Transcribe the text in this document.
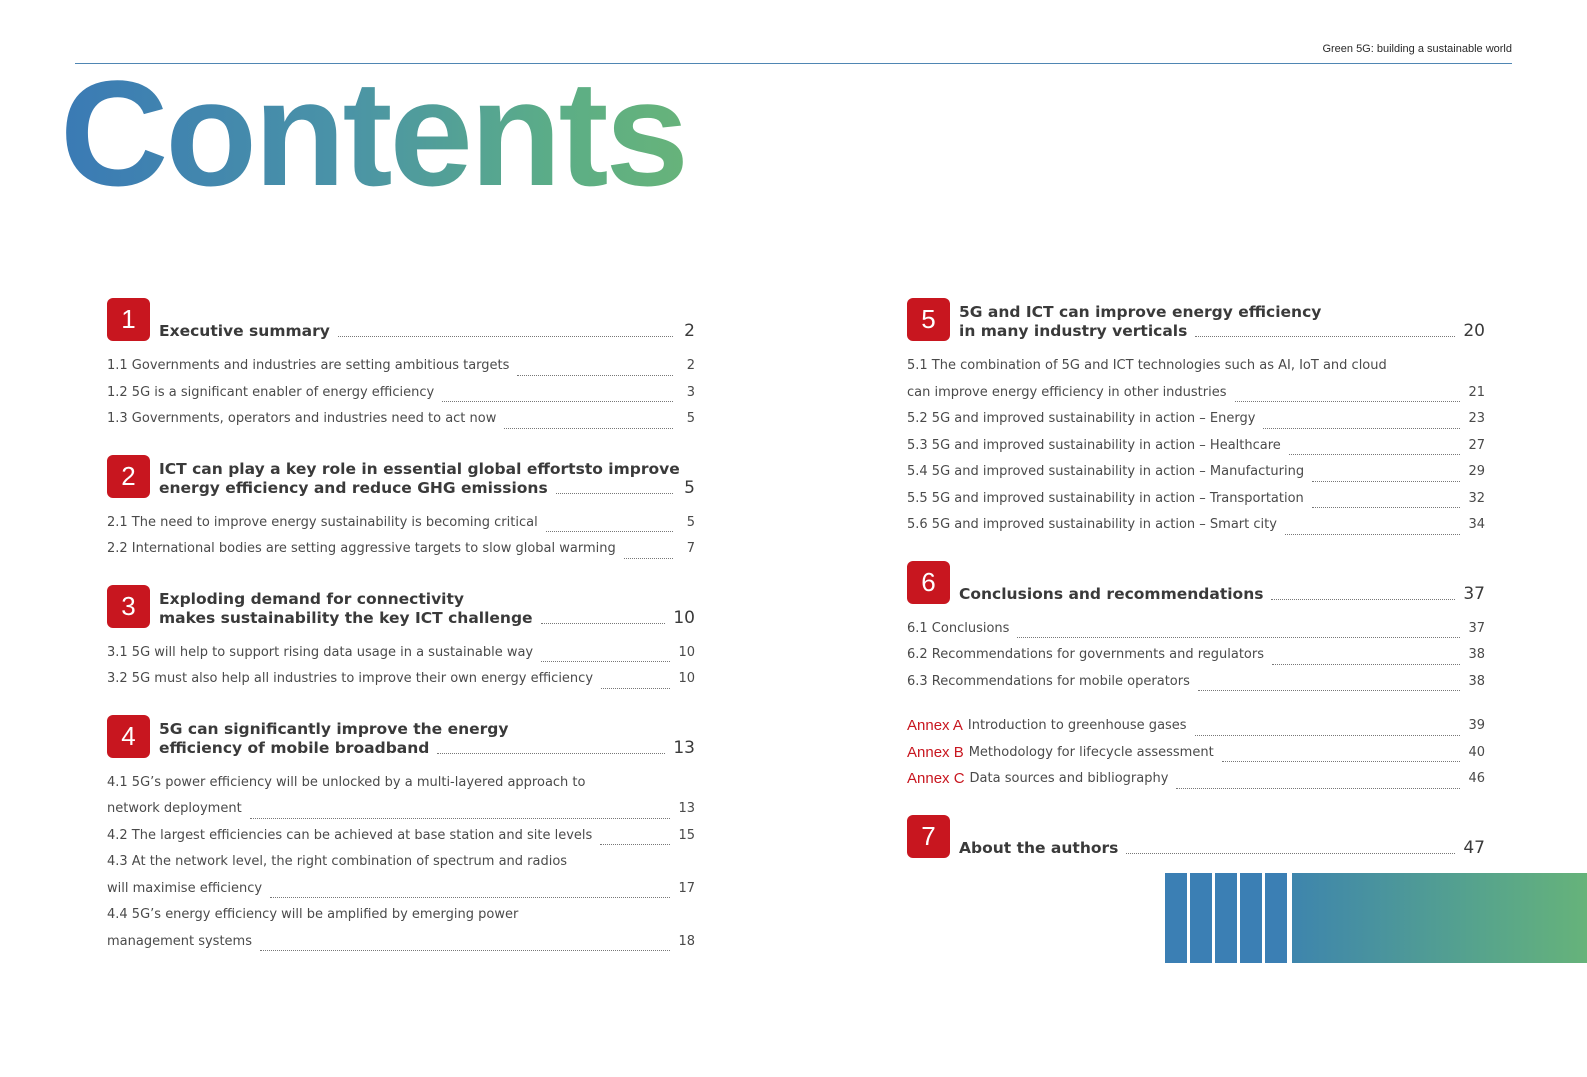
Green 5G: building a sustainable world
Contents
1	Executive summary	2
1.1 Governments and industries are setting ambitious targets	2
1.2 5G is a significant enabler of energy efficiency	3
1.3 Governments, operators and industries need to act now	5
2	ICT can play a key role in essential global effortsto improve
energy efficiency and reduce GHG emissions	5
2.1 The need to improve energy sustainability is becoming critical	5
2.2 International bodies are setting aggressive targets to slow global warming	7
3	Exploding demand for connectivity
makes sustainability the key ICT challenge	10
3.1 5G will help to support rising data usage in a sustainable way	10
3.2 5G must also help all industries to improve their own energy efficiency	10
4	5G can significantly improve the energy
efficiency of mobile broadband	13
4.1 5G’s power efficiency will be unlocked by a multi-layered approach to
network deployment	13
4.2 The largest efficiencies can be achieved at base station and site levels	15
4.3 At the network level, the right combination of spectrum and radios
will maximise efficiency	17
4.4 5G’s energy efficiency will be amplified by emerging power
management systems	18
5	5G and ICT can improve energy efficiency
in many industry verticals	20
5.1 The combination of 5G and ICT technologies such as AI, IoT and cloud
can improve energy efficiency in other industries	21
5.2 5G and improved sustainability in action – Energy	23
5.3 5G and improved sustainability in action – Healthcare	27
5.4 5G and improved sustainability in action – Manufacturing	29
5.5 5G and improved sustainability in action – Transportation	32
5.6 5G and improved sustainability in action – Smart city	34
6	Conclusions and recommendations	37
6.1 Conclusions	37
6.2 Recommendations for governments and regulators	38
6.3 Recommendations for mobile operators	38
Annex A Introduction to greenhouse gases	39
Annex B Methodology for lifecycle assessment	40
Annex C Data sources and bibliography	46
7	About the authors	47
